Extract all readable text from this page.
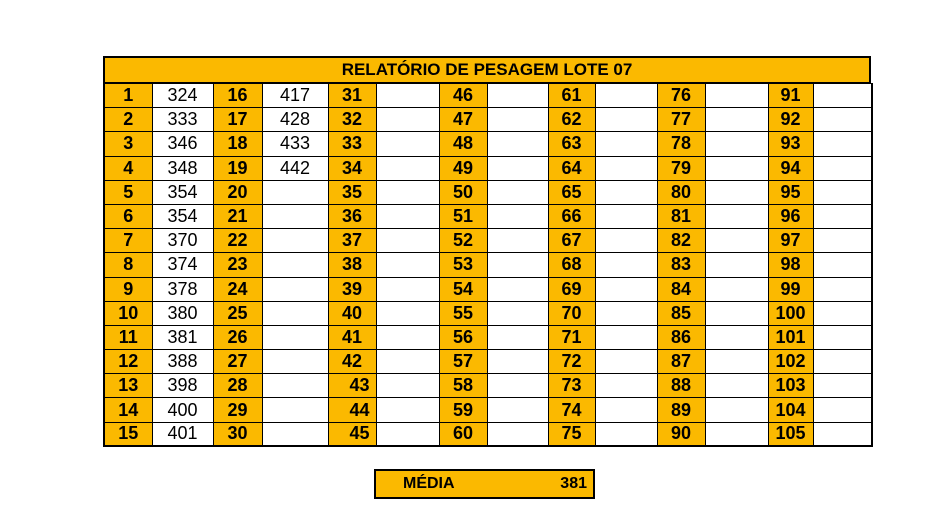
RELATÓRIO DE PESAGEM LOTE 07
1	324	16	417	31		46		61		76		91	
2	333	17	428	32		47		62		77		92	
3	346	18	433	33		48		63		78		93	
4	348	19	442	34		49		64		79		94	
5	354	20		35		50		65		80		95	
6	354	21		36		51		66		81		96	
7	370	22		37		52		67		82		97	
8	374	23		38		53		68		83		98	
9	378	24		39		54		69		84		99	
10	380	25		40		55		70		85		100	
11	381	26		41		56		71		86		101	
12	388	27		42		57		72		87		102	
13	398	28		43		58		73		88		103	
14	400	29		44		59		74		89		104	
15	401	30		45		60		75		90		105	
MÉDIA	381
